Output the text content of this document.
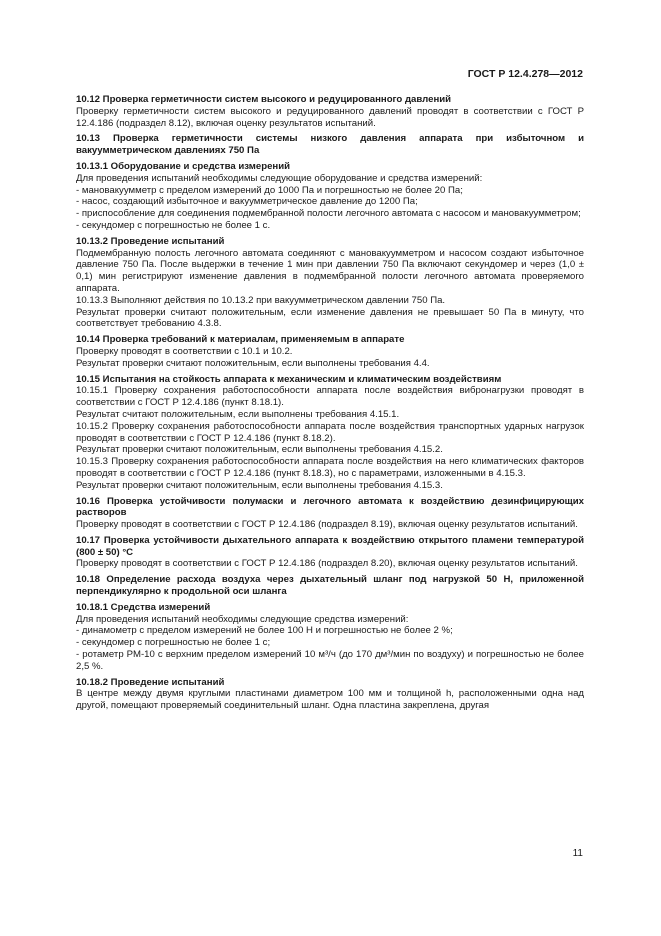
ГОСТ Р 12.4.278—2012

10.12 Проверка герметичности систем высокого и редуцированного давлений

Проверку герметичности систем высокого и редуцированного давлений проводят в соответствии с ГОСТ Р 12.4.186 (подраздел 8.12), включая оценку результатов испытаний.

10.13 Проверка герметичности системы низкого давления аппарата при избыточном и вакуумметрическом давлениях 750 Па

10.13.1 Оборудование и средства измерений

Для проведения испытаний необходимы следующие оборудование и средства измерений:

- мановакуумметр с пределом измерений до 1000 Па и погрешностью не более 20 Па;

- насос, создающий избыточное и вакуумметрическое давление до 1200 Па;

- приспособление для соединения подмембранной полости легочного автомата с насосом и мановакуумметром;

- секундомер с погрешностью не более 1 с.

10.13.2 Проведение испытаний

Подмембранную полость легочного автомата соединяют с мановакуумметром и насосом создают избыточное давление 750 Па. После выдержки в течение 1 мин при давлении 750 Па включают секундомер и через (1,0 ± 0,1) мин регистрируют изменение давления в подмембранной полости легочного автомата проверяемого аппарата.

10.13.3 Выполняют действия по 10.13.2 при вакуумметрическом давлении 750 Па.

Результат проверки считают положительным, если изменение давления не превышает 50 Па в минуту, что соответствует требованию 4.3.8.

10.14 Проверка требований к материалам, применяемым в аппарате

Проверку проводят в соответствии с 10.1 и 10.2.

Результат проверки считают положительным, если выполнены требования 4.4.

10.15 Испытания на стойкость аппарата к механическим и климатическим воздействиям

10.15.1 Проверку сохранения работоспособности аппарата после воздействия вибронагрузки проводят в соответствии с ГОСТ Р 12.4.186 (пункт 8.18.1).

Результат считают положительным, если выполнены требования 4.15.1.

10.15.2 Проверку сохранения работоспособности аппарата после воздействия транспортных ударных нагрузок проводят в соответствии с ГОСТ Р 12.4.186 (пункт 8.18.2).

Результат проверки считают положительным, если выполнены требования 4.15.2.

10.15.3 Проверку сохранения работоспособности аппарата после воздействия на него климатических факторов проводят в соответствии с ГОСТ Р 12.4.186 (пункт 8.18.3), но с параметрами, изложенными в 4.15.3.

Результат проверки считают положительным, если выполнены требования 4.15.3.

10.16 Проверка устойчивости полумаски и легочного автомата к воздействию дезинфицирующих растворов

Проверку проводят в соответствии с ГОСТ Р 12.4.186 (подраздел 8.19), включая оценку результатов испытаний.

10.17 Проверка устойчивости дыхательного аппарата к воздействию открытого пламени температурой (800 ± 50) °С

Проверку проводят в соответствии с ГОСТ Р 12.4.186 (подраздел 8.20), включая оценку результатов испытаний.

10.18 Определение расхода воздуха через дыхательный шланг под нагрузкой 50 Н, приложенной перпендикулярно к продольной оси шланга

10.18.1 Средства измерений

Для проведения испытаний необходимы следующие средства измерений:

- динамометр с пределом измерений не более 100 Н и погрешностью не более 2 %;

- секундомер с погрешностью не более 1 с;

- ротаметр РМ-10 с верхним пределом измерений 10 м³/ч (до 170 дм³/мин по воздуху) и погрешностью не более 2,5 %.

10.18.2 Проведение испытаний

В центре между двумя круглыми пластинами диаметром 100 мм и толщиной h, расположенными одна над другой, помещают проверяемый соединительный шланг. Одна пластина закреплена, другая

11
